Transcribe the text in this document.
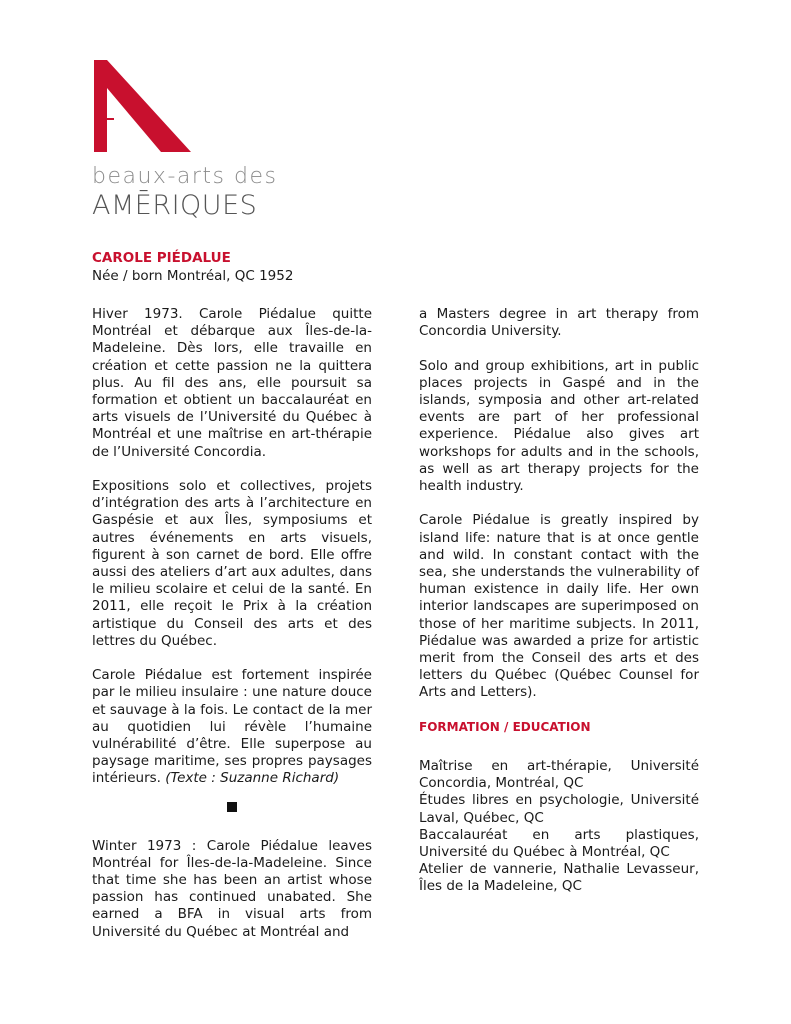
beaux-arts des
AMĒRIQUES
CAROLE PIÉDALUE
Née / born Montréal, QC 1952

Hiver 1973. Carole Piédalue quitte Montréal et débarque aux Îles-de-la-Madeleine. Dès lors, elle travaille en création et cette passion ne la quittera plus. Au fil des ans, elle poursuit sa formation et obtient un baccalauréat en arts visuels de l’Université du Québec à Montréal et une maîtrise en art-thérapie de l’Université Concordia.

Expositions solo et collectives, projets d’intégration des arts à l’architecture en Gaspésie et aux Îles, symposiums et autres événements en arts visuels, figurent à son carnet de bord. Elle offre aussi des ateliers d’art aux adultes, dans le milieu scolaire et celui de la santé. En 2011, elle reçoit le Prix à la création artistique du Conseil des arts et des lettres du Québec.

Carole Piédalue est fortement inspirée par le milieu insulaire : une nature douce et sauvage à la fois. Le contact de la mer au quotidien lui révèle l’humaine vulnérabilité d’être. Elle superpose au paysage maritime, ses propres paysages intérieurs. (Texte : Suzanne Richard)

Winter 1973 : Carole Piédalue leaves Montréal for Îles-de-la-Madeleine. Since that time she has been an artist whose passion has continued unabated. She earned a BFA in visual arts from Université du Québec at Montréal and

a Masters degree in art therapy from Concordia University.

Solo and group exhibitions, art in public places projects in Gaspé and in the islands, symposia and other art-related events are part of her professional experience. Piédalue also gives art workshops for adults and in the schools, as well as art therapy projects for the health industry.

Carole Piédalue is greatly inspired by island life: nature that is at once gentle and wild. In constant contact with the sea, she understands the vulnerability of human existence in daily life. Her own interior landscapes are superimposed on those of her maritime subjects. In 2011, Piédalue was awarded a prize for artistic merit from the Conseil des arts et des letters du Québec (Québec Counsel for Arts and Letters).

FORMATION / EDUCATION

Maîtrise en art-thérapie, Université Concordia, Montréal, QC

Études libres en psychologie, Université Laval, Québec, QC

Baccalauréat en arts plastiques, Université du Québec à Montréal, QC

Atelier de vannerie, Nathalie Levasseur, Îles de la Madeleine, QC
